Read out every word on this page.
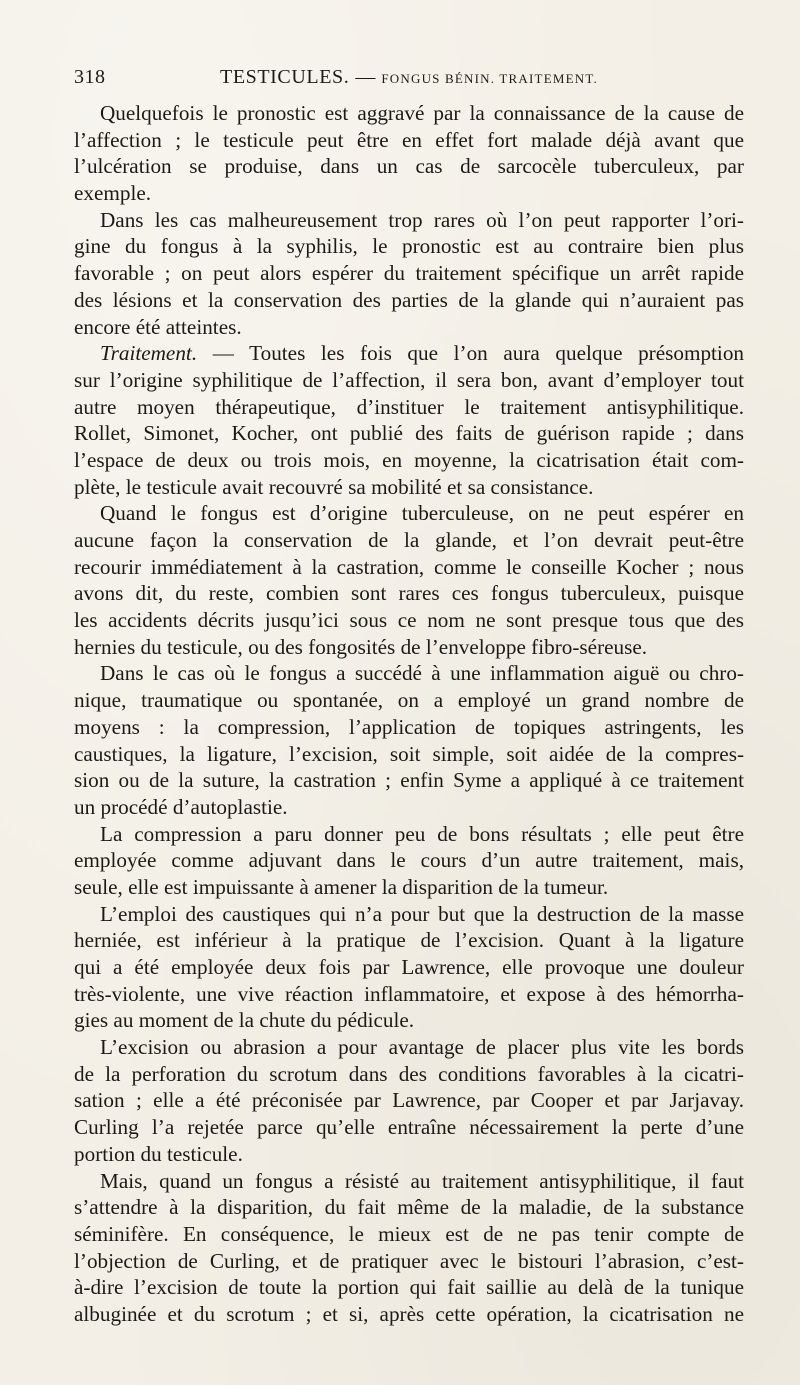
318	TESTICULES. — FONGUS BÉNIN. TRAITEMENT.
Quelquefois le pronostic est aggravé par la connaissance de la cause de
l’affection ; le testicule peut être en effet fort malade déjà avant que
l’ulcération se produise, dans un cas de sarcocèle tuberculeux, par
exemple.
Dans les cas malheureusement trop rares où l’on peut rapporter l’ori-
gine du fongus à la syphilis, le pronostic est au contraire bien plus
favorable ; on peut alors espérer du traitement spécifique un arrêt rapide
des lésions et la conservation des parties de la glande qui n’auraient pas
encore été atteintes.
Traitement. — Toutes les fois que l’on aura quelque présomption
sur l’origine syphilitique de l’affection, il sera bon, avant d’employer tout
autre moyen thérapeutique, d’instituer le traitement antisyphilitique.
Rollet, Simonet, Kocher, ont publié des faits de guérison rapide ; dans
l’espace de deux ou trois mois, en moyenne, la cicatrisation était com-
plète, le testicule avait recouvré sa mobilité et sa consistance.
Quand le fongus est d’origine tuberculeuse, on ne peut espérer en
aucune façon la conservation de la glande, et l’on devrait peut-être
recourir immédiatement à la castration, comme le conseille Kocher ; nous
avons dit, du reste, combien sont rares ces fongus tuberculeux, puisque
les accidents décrits jusqu’ici sous ce nom ne sont presque tous que des
hernies du testicule, ou des fongosités de l’enveloppe fibro-séreuse.
Dans le cas où le fongus a succédé à une inflammation aiguë ou chro-
nique, traumatique ou spontanée, on a employé un grand nombre de
moyens : la compression, l’application de topiques astringents, les
caustiques, la ligature, l’excision, soit simple, soit aidée de la compres-
sion ou de la suture, la castration ; enfin Syme a appliqué à ce traitement
un procédé d’autoplastie.
La compression a paru donner peu de bons résultats ; elle peut être
employée comme adjuvant dans le cours d’un autre traitement, mais,
seule, elle est impuissante à amener la disparition de la tumeur.
L’emploi des caustiques qui n’a pour but que la destruction de la masse
herniée, est inférieur à la pratique de l’excision. Quant à la ligature
qui a été employée deux fois par Lawrence, elle provoque une douleur
très-violente, une vive réaction inflammatoire, et expose à des hémorrha-
gies au moment de la chute du pédicule.
L’excision ou abrasion a pour avantage de placer plus vite les bords
de la perforation du scrotum dans des conditions favorables à la cicatri-
sation ; elle a été préconisée par Lawrence, par Cooper et par Jarjavay.
Curling l’a rejetée parce qu’elle entraîne nécessairement la perte d’une
portion du testicule.
Mais, quand un fongus a résisté au traitement antisyphilitique, il faut
s’attendre à la disparition, du fait même de la maladie, de la substance
séminifère. En conséquence, le mieux est de ne pas tenir compte de
l’objection de Curling, et de pratiquer avec le bistouri l’abrasion, c’est-
à-dire l’excision de toute la portion qui fait saillie au delà de la tunique
albuginée et du scrotum ; et si, après cette opération, la cicatrisation ne
